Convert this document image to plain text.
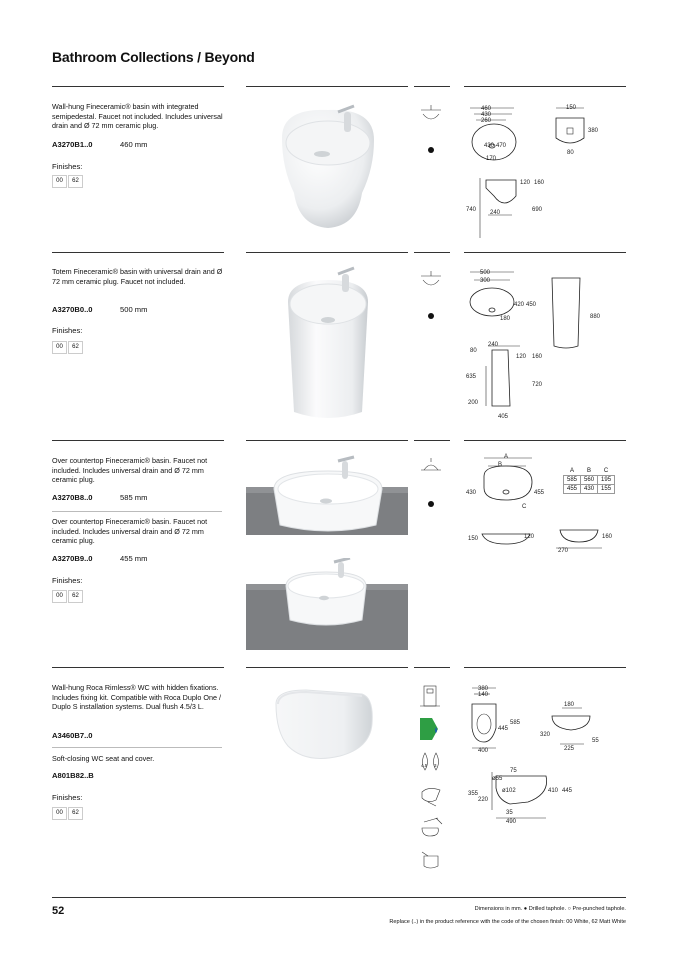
Bathroom Collections / Beyond
Wall-hung Fineceramic® basin with integrated semipedestal. Faucet not included. Includes universal drain and Ø 72 mm ceramic plug.
A3270B1..0	460 mm
Finishes:
00	62
460
430
260
430 470
170
150
380
80
120 160
740 240	690
Totem Fineceramic® basin with universal drain and Ø 72 mm ceramic plug. Faucet not included.
A3270B0..0	500 mm
Finishes:
00	62
500
300
420 450
180	880
240
80
120 160
635
720
200
405
Over countertop Fineceramic® basin. Faucet not included. Includes universal drain and Ø 72 mm ceramic plug.
A3270B8..0	585 mm
Over countertop Fineceramic® basin. Faucet not included. Includes universal drain and Ø 72 mm ceramic plug.
A3270B9..0	455 mm
Finishes:
00	62
A
B
430	455
C
150	120
270
160
A	B	C
585	560	195
455	430	155
Wall-hung Roca Rimless® WC with hidden fixations. Includes fixing kit. Compatible with Roca Duplo One / Duplo S installation systems. Dual flush 4.5/3 L.
A3460B7..0
Soft-closing WC seat and cover.
A801B82..B
Finishes:
00	62
4.5 3
380
140
445
585
400
180
320
55
225
75
ø55
ø102
355
220
410 445
35
490
52	Dimensions in mm. ● Drilled taphole. ○ Pre-punched taphole.
Replace (..) in the product reference with the code of the chosen finish: 00 White, 62 Matt White
